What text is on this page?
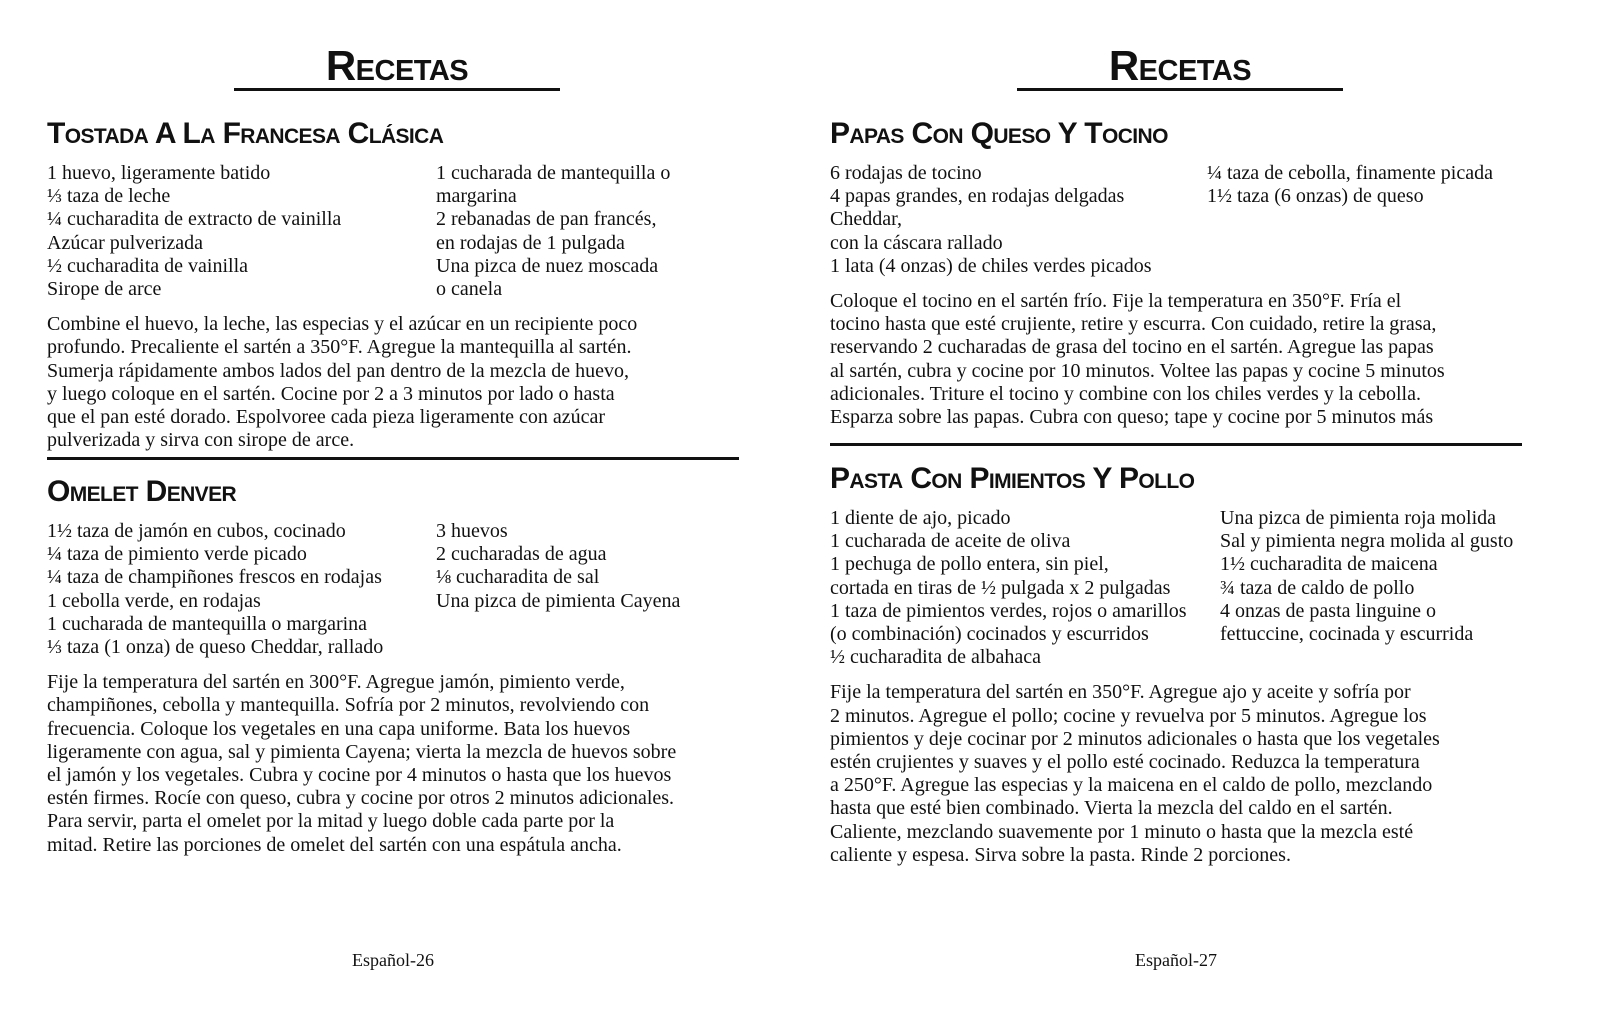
Recetas
Tostada A La Francesa Clásica
1 huevo, ligeramente batido
⅓ taza de leche
¼ cucharadita de extracto de vainilla
Azúcar pulverizada
½ cucharadita de vainilla
Sirope de arce
1 cucharada de mantequilla o
margarina
2 rebanadas de pan francés,
en rodajas de 1 pulgada
Una pizca de nuez moscada
o canela
Combine el huevo, la leche, las especias y el azúcar en un recipiente poco
profundo. Precaliente el sartén a 350°F. Agregue la mantequilla al sartén.
Sumerja rápidamente ambos lados del pan dentro de la mezcla de huevo,
y luego coloque en el sartén. Cocine por 2 a 3 minutos por lado o hasta
que el pan esté dorado. Espolvoree cada pieza ligeramente con azúcar
pulverizada y sirva con sirope de arce.
Omelet Denver
1½ taza de jamón en cubos, cocinado
¼ taza de pimiento verde picado
¼ taza de champiñones frescos en rodajas
1 cebolla verde, en rodajas
1 cucharada de mantequilla o margarina
⅓ taza (1 onza) de queso Cheddar, rallado
3 huevos
2 cucharadas de agua
⅛ cucharadita de sal
Una pizca de pimienta Cayena
Fije la temperatura del sartén en 300°F. Agregue jamón, pimiento verde,
champiñones, cebolla y mantequilla. Sofría por 2 minutos, revolviendo con
frecuencia. Coloque los vegetales en una capa uniforme. Bata los huevos
ligeramente con agua, sal y pimienta Cayena; vierta la mezcla de huevos sobre
el jamón y los vegetales. Cubra y cocine por 4 minutos o hasta que los huevos
estén firmes. Rocíe con queso, cubra y cocine por otros 2 minutos adicionales.
Para servir, parta el omelet por la mitad y luego doble cada parte por la
mitad. Retire las porciones de omelet del sartén con una espátula ancha.
Español-26
Recetas
Papas Con Queso Y Tocino
6 rodajas de tocino
4 papas grandes, en rodajas delgadas
Cheddar,
con la cáscara rallado
1 lata (4 onzas) de chiles verdes picados
¼ taza de cebolla, finamente picada
1½ taza (6 onzas) de queso
Coloque el tocino en el sartén frío. Fije la temperatura en 350°F. Fría el
tocino hasta que esté crujiente, retire y escurra. Con cuidado, retire la grasa,
reservando 2 cucharadas de grasa del tocino en el sartén. Agregue las papas
al sartén, cubra y cocine por 10 minutos. Voltee las papas y cocine 5 minutos
adicionales. Triture el tocino y combine con los chiles verdes y la cebolla.
Esparza sobre las papas. Cubra con queso; tape y cocine por 5 minutos más
Pasta Con Pimientos Y Pollo
1 diente de ajo, picado
1 cucharada de aceite de oliva
1 pechuga de pollo entera, sin piel,
cortada en tiras de ½ pulgada x 2 pulgadas
1 taza de pimientos verdes, rojos o amarillos
(o combinación) cocinados y escurridos
½ cucharadita de albahaca
Una pizca de pimienta roja molida
Sal y pimienta negra molida al gusto
1½ cucharadita de maicena
¾ taza de caldo de pollo
4 onzas de pasta linguine o
fettuccine, cocinada y escurrida
Fije la temperatura del sartén en 350°F. Agregue ajo y aceite y sofría por
2 minutos. Agregue el pollo; cocine y revuelva por 5 minutos. Agregue los
pimientos y deje cocinar por 2 minutos adicionales o hasta que los vegetales
estén crujientes y suaves y el pollo esté cocinado. Reduzca la temperatura
a 250°F. Agregue las especias y la maicena en el caldo de pollo, mezclando
hasta que esté bien combinado. Vierta la mezcla del caldo en el sartén.
Caliente, mezclando suavemente por 1 minuto o hasta que la mezcla esté
caliente y espesa. Sirva sobre la pasta. Rinde 2 porciones.
Español-27
